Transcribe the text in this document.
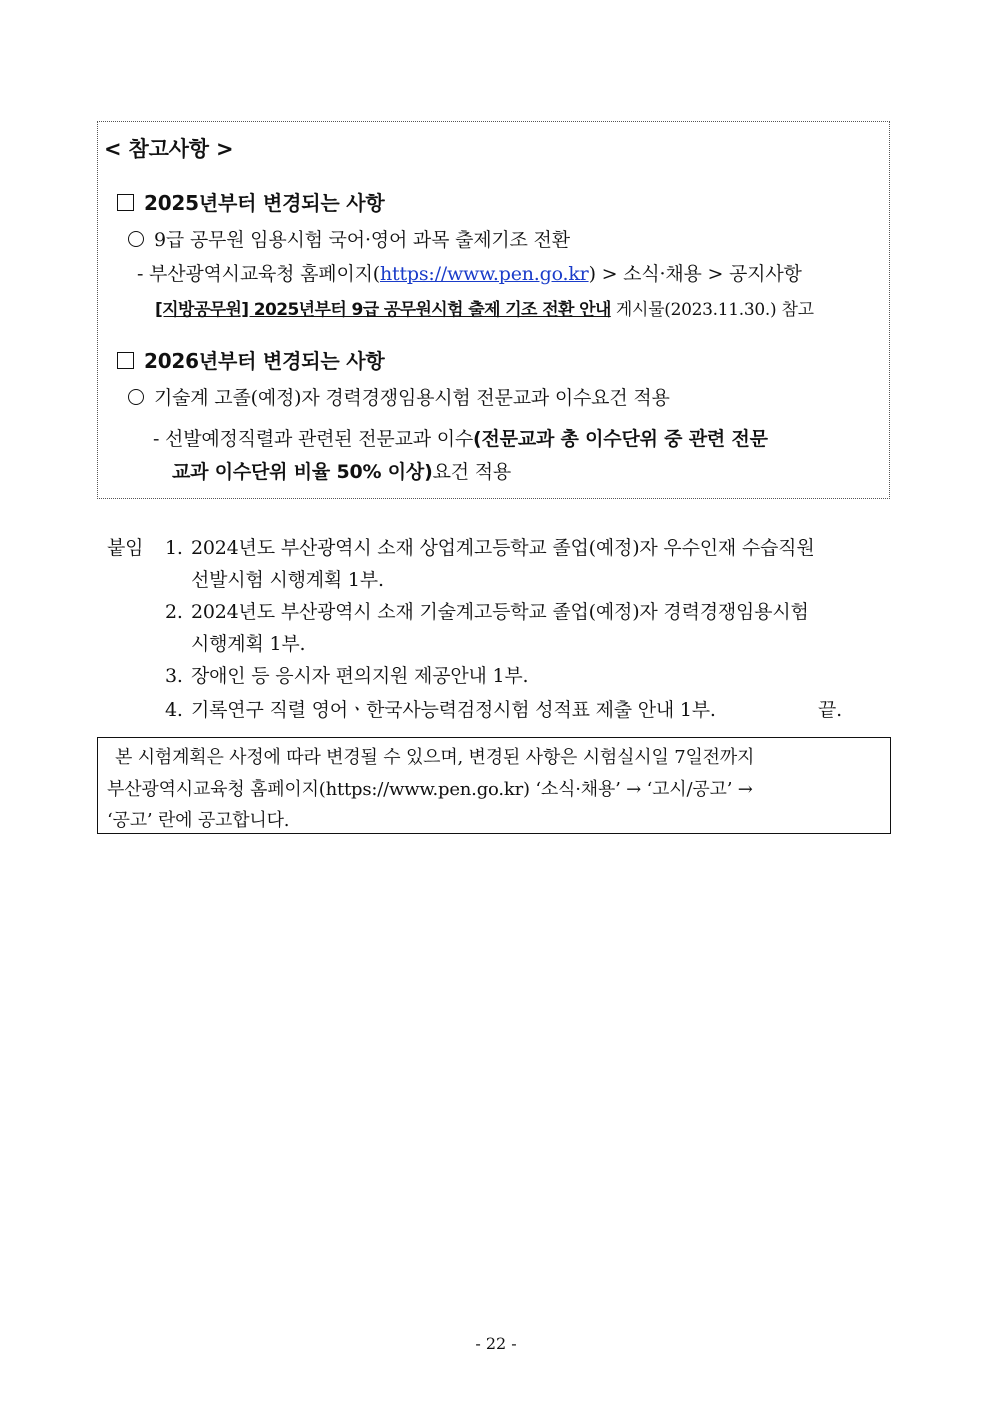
< 참고사항 >
2025년부터 변경되는 사항
9급 공무원 임용시험 국어·영어 과목 출제기조 전환
- 부산광역시교육청 홈페이지(https://www.pen.go.kr) > 소식·채용 > 공지사항
[지방공무원] 2025년부터 9급 공무원시험 출제 기조 전환 안내 게시물(2023.11.30.) 참고
2026년부터 변경되는 사항
기술계 고졸(예정)자 경력경쟁임용시험 전문교과 이수요건 적용
- 선발예정직렬과 관련된 전문교과 이수(전문교과 총 이수단위 중 관련 전문
교과 이수단위 비율 50% 이상)요건 적용
붙임 1. 2024년도 부산광역시 소재 상업계고등학교 졸업(예정)자 우수인재 수습직원
선발시험 시행계획 1부.
2. 2024년도 부산광역시 소재 기술계고등학교 졸업(예정)자 경력경쟁임용시험
시행계획 1부.
3. 장애인 등 응시자 편의지원 제공안내 1부.
4. 기록연구 직렬 영어ㆍ한국사능력검정시험 성적표 제출 안내 1부.	끝.
본 시험계획은 사정에 따라 변경될 수 있으며, 변경된 사항은 시험실시일 7일전까지
부산광역시교육청 홈페이지(https://www.pen.go.kr) ‘소식·채용’ → ‘고시/공고’ →
‘공고’ 란에 공고합니다.
- 22 -
